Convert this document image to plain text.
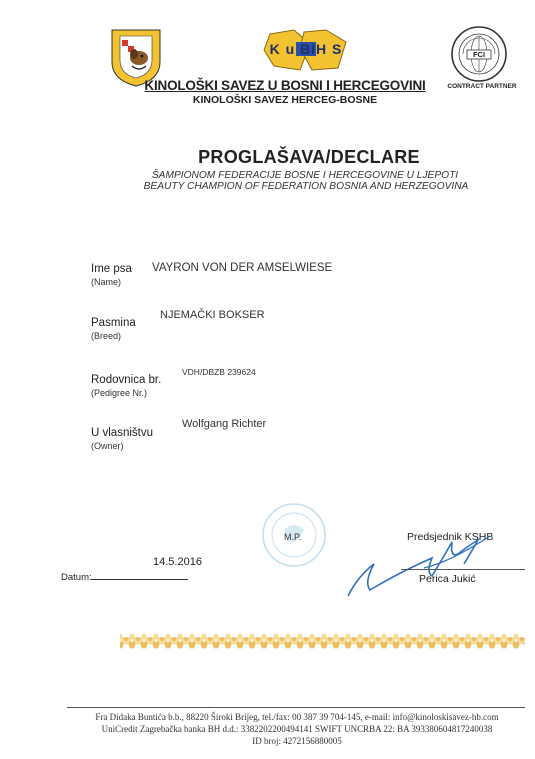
K u BiH S	FCI
KINOLOŠKI SAVEZ U BOSNI I HERCEGOVINI
KINOLOŠKI SAVEZ HERCEG-BOSNE
CONTRACT PARTNER
PROGLAŠAVA/DECLARE
ŠAMPIONOM FEDERACIJE BOSNE I HERCEGOVINE U LJEPOTI
BEAUTY CHAMPION OF FEDERATION BOSNIA AND HERZEGOVINA
Ime psa
(Name)
VAYRON VON DER AMSELWIESE
Pasmina
(Breed)
NJEMAČKI BOKSER
Rodovnica br.
(Pedigree Nr.)
VDH/DBZB 239624
U vlasništvu
(Owner)
Wolfgang Richter
M.P.	Predsjednik KSHB
Perica Jukić
14.5.2016
Datum:
Fra Didaka Buntića b.b., 88220 Široki Brijeg, tel./fax: 00 387 39 704-145, e-mail: info@kinoloskisavez-hb.com
UniCredit Zagrebačka banka BH d.d.: 3382202200494141 SWIFT UNCRBA 22: BA 393380604817240038
ID broj: 4272156880005
